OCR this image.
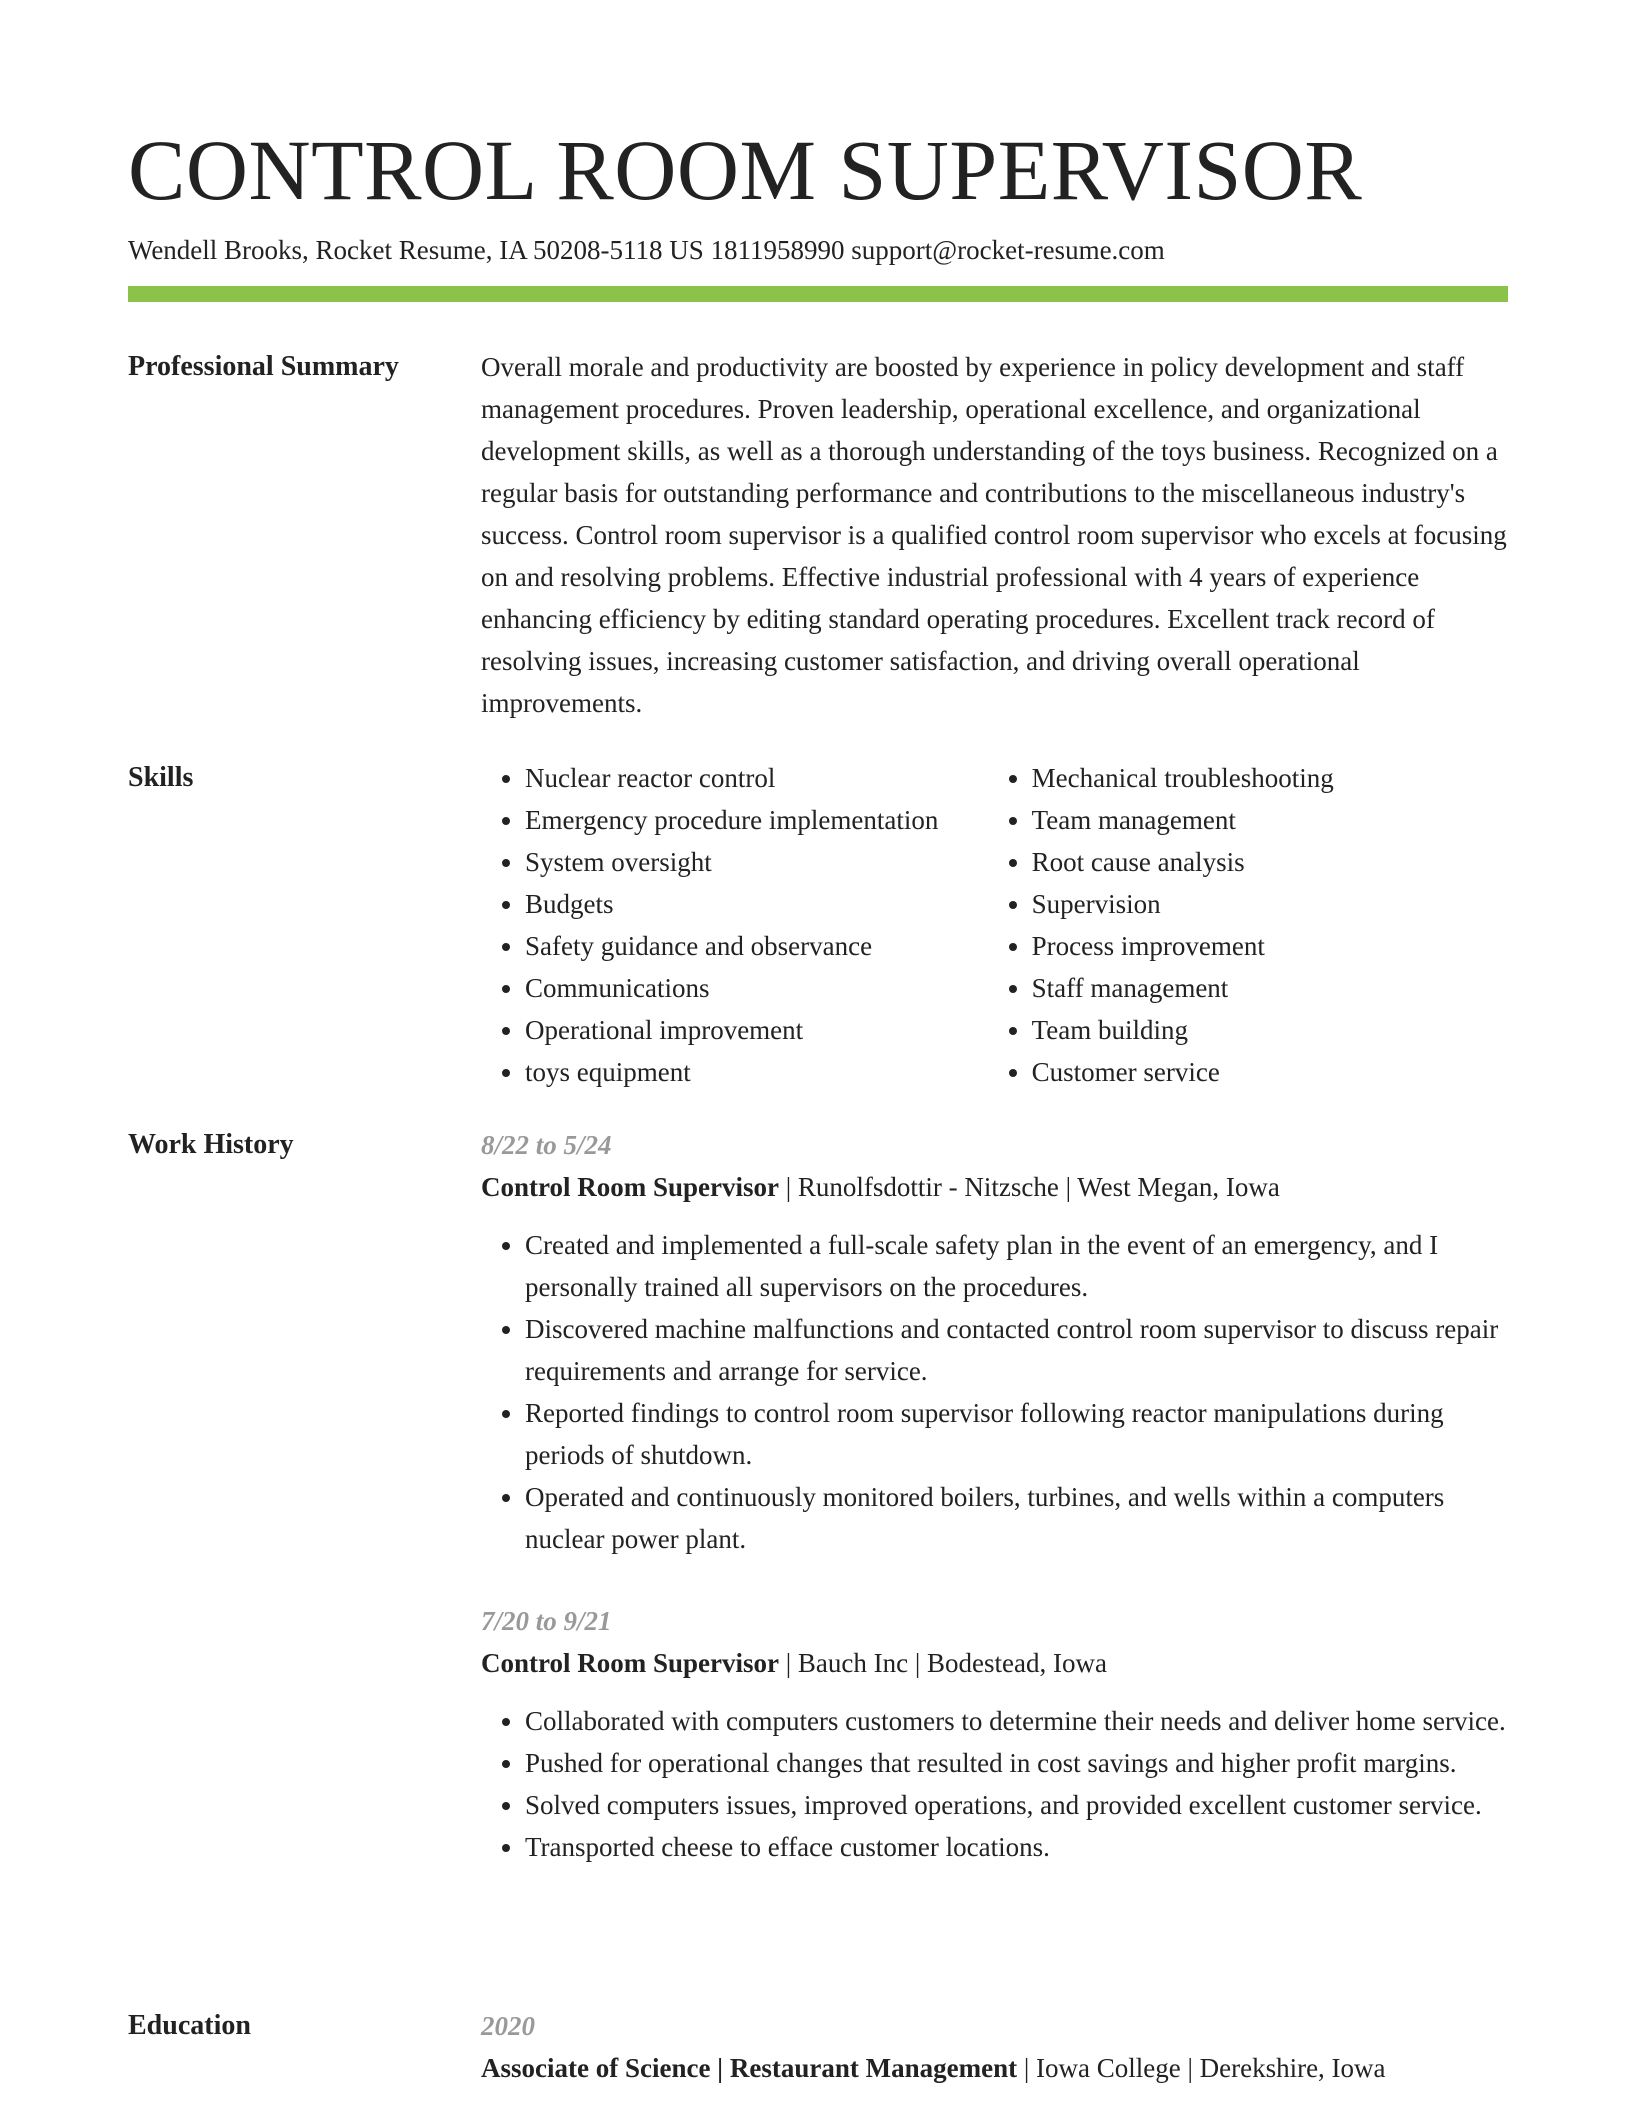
CONTROL ROOM SUPERVISOR
Wendell Brooks, Rocket Resume, IA 50208-5118 US 1811958990 support@rocket-resume.com
Professional Summary	Overall morale and productivity are boosted by experience in policy development and staff management procedures. Proven leadership, operational excellence, and organizational development skills, as well as a thorough understanding of the toys business. Recognized on a regular basis for outstanding performance and contributions to the miscellaneous industry's success. Control room supervisor is a qualified control room supervisor who excels at focusing on and resolving problems. Effective industrial professional with 4 years of experience enhancing efficiency by editing standard operating procedures. Excellent track record of resolving issues, increasing customer satisfaction, and driving overall operational improvements.

Skills
•	Nuclear reactor control
• Emergency procedure implementation
• System oversight
• Budgets
• Safety guidance and observance
• Communications
• Operational improvement
• toys equipment
• Mechanical troubleshooting
• Team management
• Root cause analysis
• Supervision
• Process improvement
• Staff management
• Team building
• Customer service
Work History	8/22 to 5/24
Control Room Supervisor | Runolfsdottir - Nitzsche | West Megan, Iowa
• Created and implemented a full-scale safety plan in the event of an emergency, and I personally trained all supervisors on the procedures.
• Discovered machine malfunctions and contacted control room supervisor to discuss repair requirements and arrange for service.
• Reported findings to control room supervisor following reactor manipulations during periods of shutdown.
• Operated and continuously monitored boilers, turbines, and wells within a computers nuclear power plant.
7/20 to 9/21
Control Room Supervisor | Bauch Inc | Bodestead, Iowa
• Collaborated with computers customers to determine their needs and deliver home service.
• Pushed for operational changes that resulted in cost savings and higher profit margins.
• Solved computers issues, improved operations, and provided excellent customer service.
• Transported cheese to efface customer locations.
Education	2020
Associate of Science | Restaurant Management | Iowa College | Derekshire, Iowa
